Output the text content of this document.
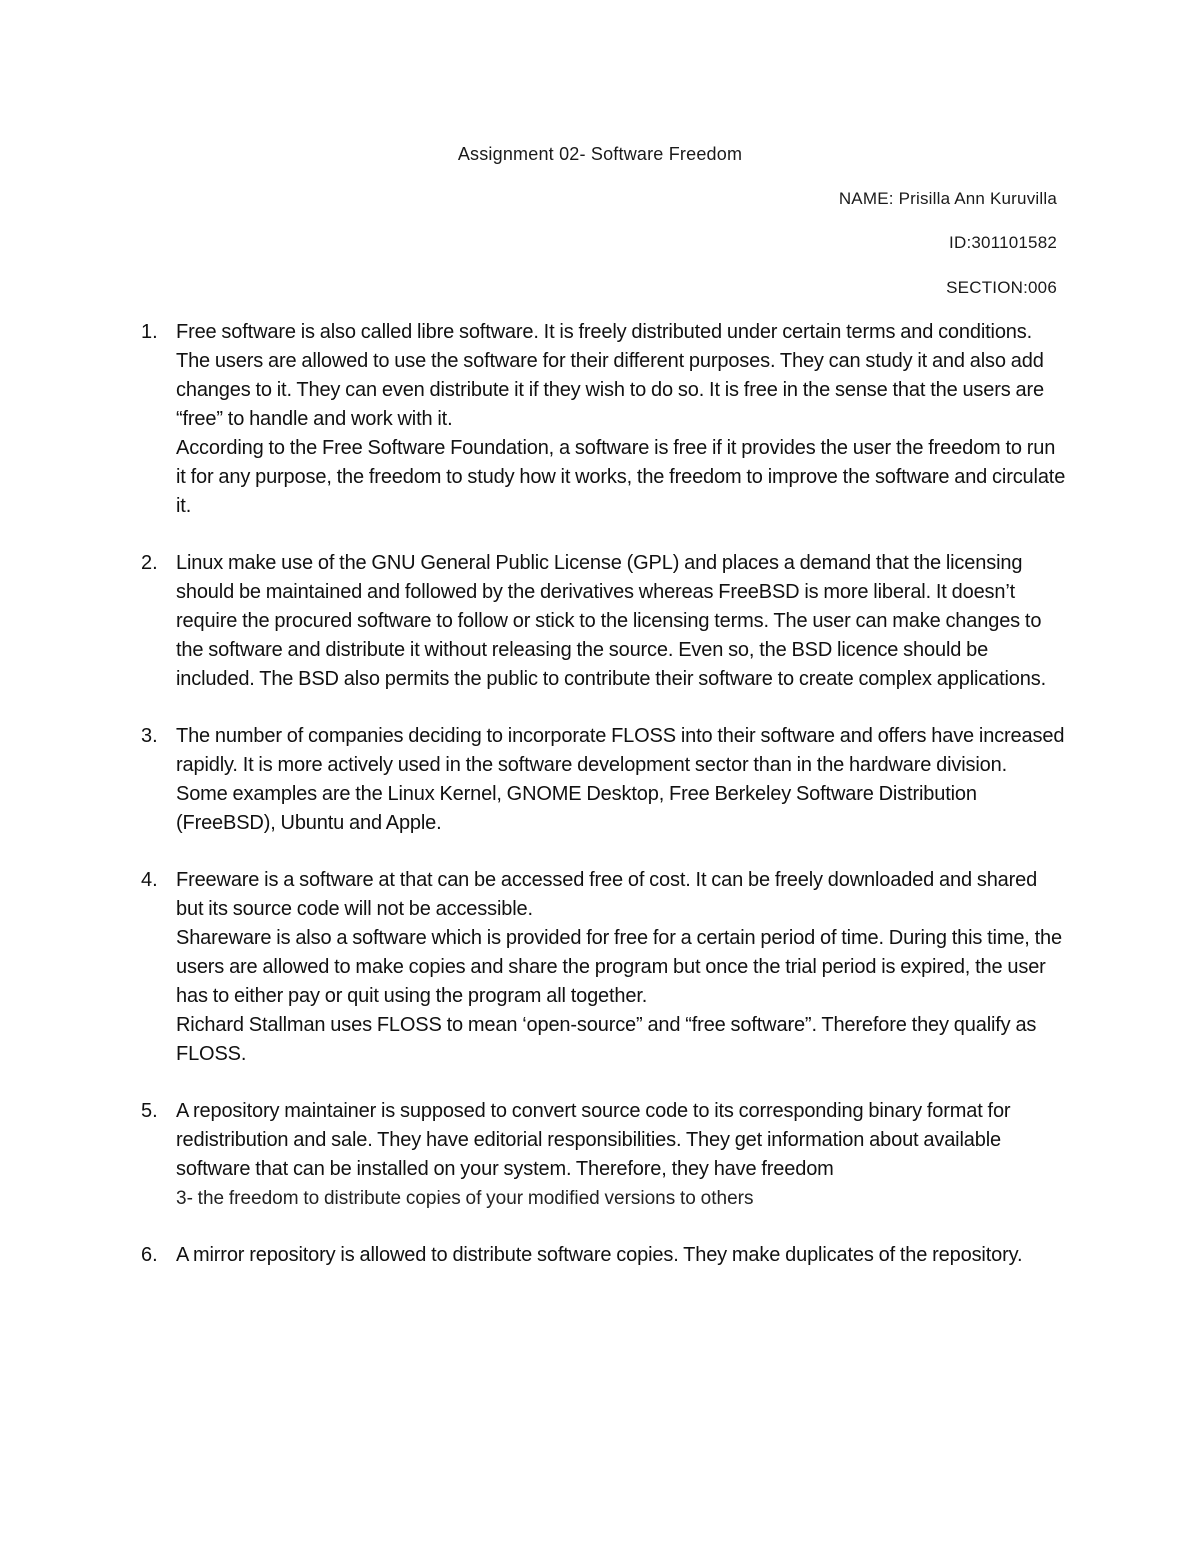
Assignment 02- Software Freedom

NAME: Prisilla Ann Kuruvilla

ID:301101582

SECTION:006

1. Free software is also called libre software. It is freely distributed under certain terms and conditions. The users are allowed to use the software for their different purposes. They can study it and also add changes to it. They can even distribute it if they wish to do so. It is free in the sense that the users are “free” to handle and work with it.

According to the Free Software Foundation, a software is free if it provides the user the freedom to run it for any purpose, the freedom to study how it works, the freedom to improve the software and circulate it.

2. Linux make use of the GNU General Public License (GPL) and places a demand that the licensing should be maintained and followed by the derivatives whereas FreeBSD is more liberal. It doesn’t require the procured software to follow or stick to the licensing terms. The user can make changes to the software and distribute it without releasing the source. Even so, the BSD licence should be included. The BSD also permits the public to contribute their software to create complex applications.

3. The number of companies deciding to incorporate FLOSS into their software and offers have increased rapidly. It is more actively used in the software development sector than in the hardware division.

Some examples are the Linux Kernel, GNOME Desktop, Free Berkeley Software Distribution (FreeBSD), Ubuntu and Apple.

4. Freeware is a software at that can be accessed free of cost. It can be freely downloaded and shared but its source code will not be accessible.

Shareware is also a software which is provided for free for a certain period of time. During this time, the users are allowed to make copies and share the program but once the trial period is expired, the user has to either pay or quit using the program all together.

Richard Stallman uses FLOSS to mean ‘open-source” and “free software”. Therefore they qualify as FLOSS.

5. A repository maintainer is supposed to convert source code to its corresponding binary format for redistribution and sale. They have editorial responsibilities. They get information about available software that can be installed on your system. Therefore, they have freedom

3- the freedom to distribute copies of your modified versions to others

6. A mirror repository is allowed to distribute software copies. They make duplicates of the repository.
